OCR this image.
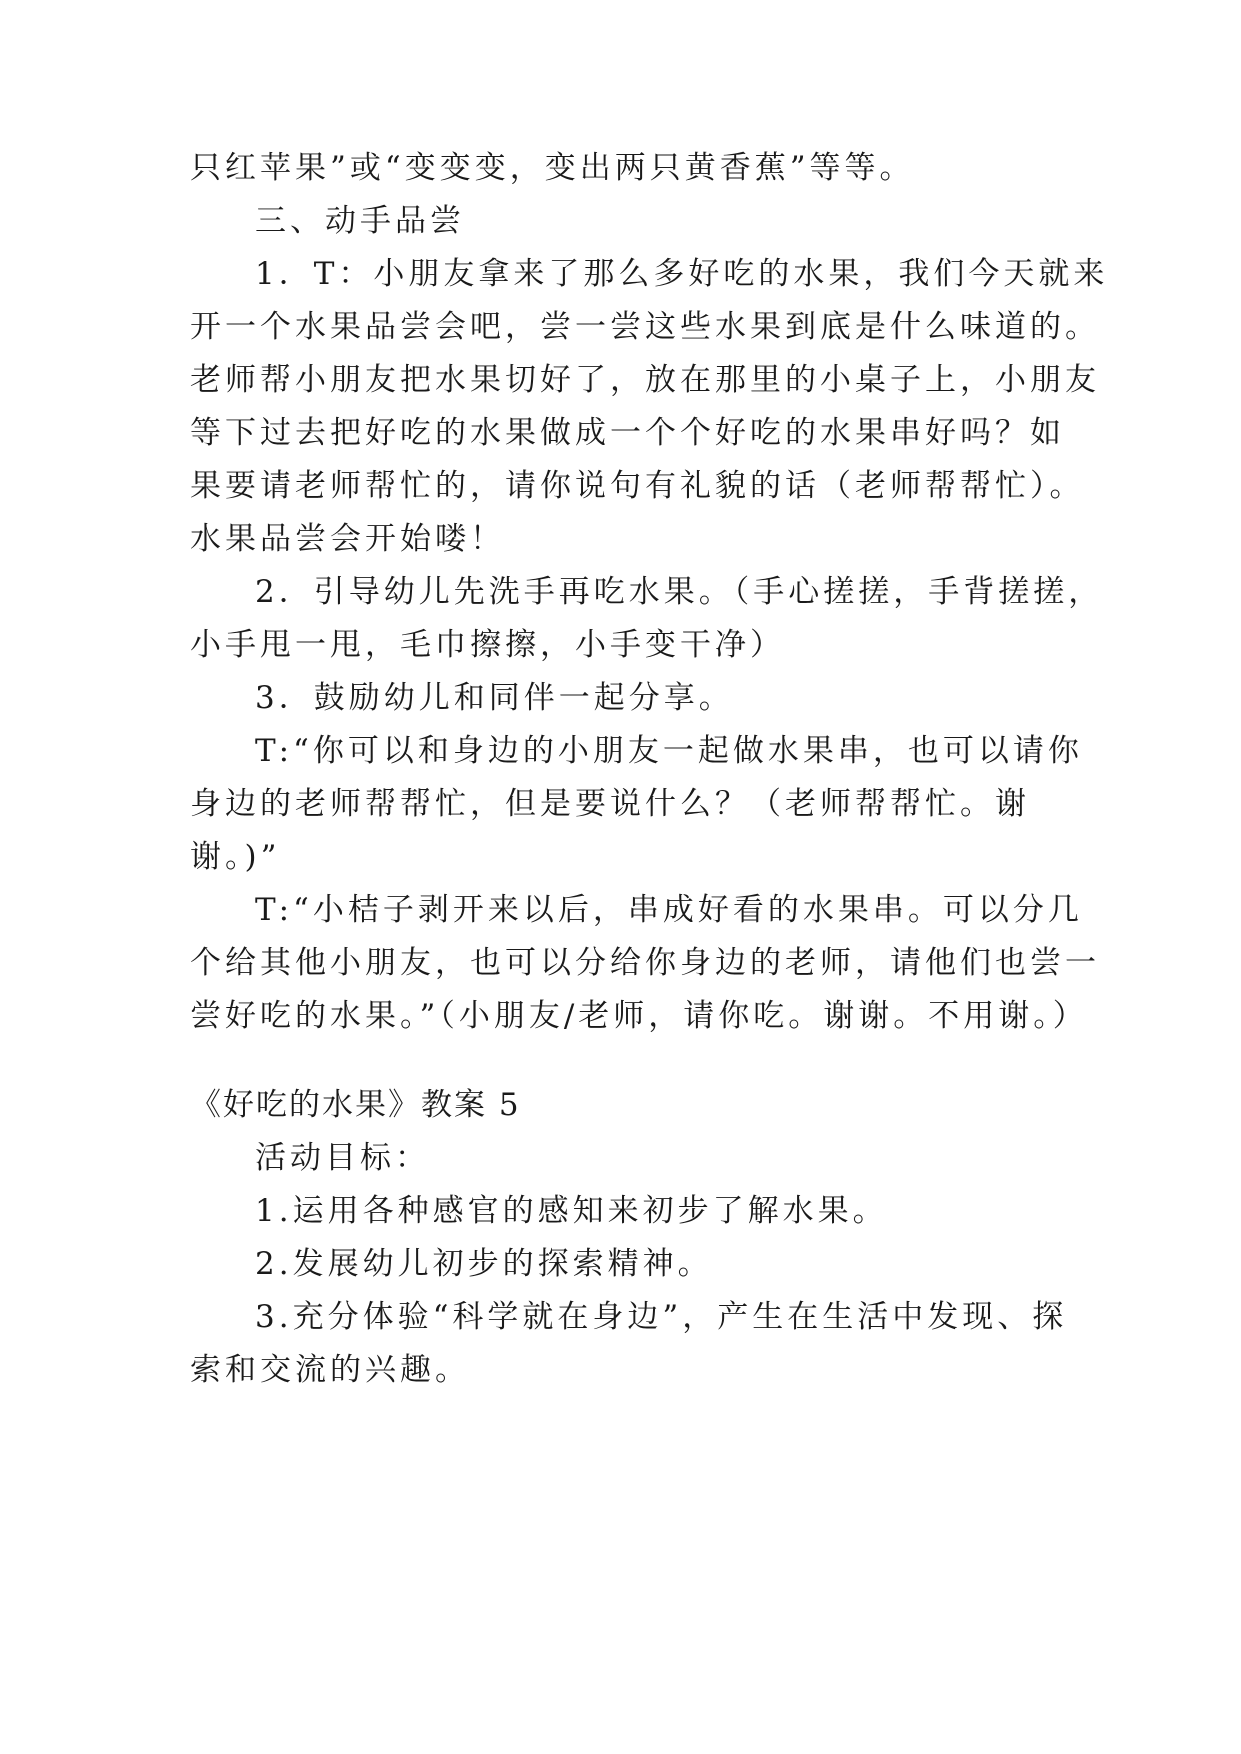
只红苹果”或“变变变，变出两只黄香蕉”等等。

三、动手品尝

1．T：小朋友拿来了那么多好吃的水果，我们今天就来

开一个水果品尝会吧，尝一尝这些水果到底是什么味道的。

老师帮小朋友把水果切好了，放在那里的小桌子上，小朋友

等下过去把好吃的水果做成一个个好吃的水果串好吗？如

果要请老师帮忙的，请你说句有礼貌的话（老师帮帮忙）。

水果品尝会开始喽！

2．引导幼儿先洗手再吃水果。（手心搓搓，手背搓搓，

小手甩一甩，毛巾擦擦，小手变干净）

3．鼓励幼儿和同伴一起分享。

T:“你可以和身边的小朋友一起做水果串，也可以请你

身边的老师帮帮忙，但是要说什么？（老师帮帮忙。谢

谢。)”

T:“小桔子剥开来以后，串成好看的水果串。可以分几

个给其他小朋友，也可以分给你身边的老师，请他们也尝一

尝好吃的水果。”（小朋友/老师，请你吃。谢谢。不用谢。）

《好吃的水果》教案 5

活动目标：

1.运用各种感官的感知来初步了解水果。

2.发展幼儿初步的探索精神。

3.充分体验“科学就在身边”，产生在生活中发现、探

索和交流的兴趣。
